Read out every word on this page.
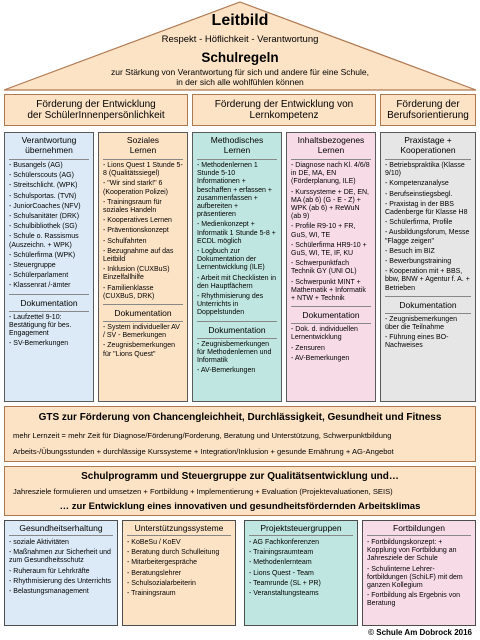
Leitbild
Respekt - Höflichkeit - Verantwortung
Schulregeln
zur Stärkung von Verantwortung für sich und andere für eine Schule,
in der sich alle wohlfühlen können
Förderung der Entwicklung
der SchülerInnenpersönlichkeit
Förderung der Entwicklung von
Lernkompetenz
Förderung der
Berufsorientierung
Verantwortung
übernehmen
- Busangels (AG)
- Schülerscouts (AG)
- Streitschlicht. (WPK)
- Schulsportas. (TVN)
- JuniorCoaches (NFV)
- Schulsanitäter (DRK)
- Schulbibliothek (SG)
- Schule o. Rassismus (Auszeichn. + WPK)
- Schülerfirma (WPK)
- Steuergruppe
- Schülerparlament
- Klassenrat /-ämter
Dokumentation
- Laufzettel 9-10: Bestätigung für bes. Engagement
- SV-Bemerkungen
Soziales
Lernen
- Lions Quest 1 Stunde 5-8 (Qualitätssiegel)
- "Wir sind stark!" 6 (Kooperation Polizei)
- Trainingsraum für soziales Handeln
- Kooperatives Lernen
- Präventionskonzept
- Schulfahrten
- Bezugnahme auf das Leitbild
- Inklusion (CUXBuS) Einzelfallhilfe
- Familienklasse (CUXBuS, DRK)
Dokumentation
- System individueller AV / SV - Bemerkungen
- Zeugnisbemerkungen für "Lions Quest"
Methodisches
Lernen
- Methodenlernen 1 Stunde 5-10 Informationen + beschaffen + erfassen + zusammenfassen + aufbereiten + präsentieren
- Medienkonzept + Informatik 1 Stunde 5-8 + ECDL möglich
- Logbuch zur Dokumentation der Lernentwicklung (ILE)
- Arbeit mit Checklisten in den Hauptfächern
- Rhythmisierung des Unterrichts in Doppelstunden
Dokumentation
- Zeugnisbemerkungen für Methodenlernen und Informatik
- AV-Bemerkungen
Inhaltsbezogenes
Lernen
- Diagnose nach Kl. 4/6/8 in DE, MA, EN (Förderplanung, ILE)
- Kurssysteme + DE, EN, MA (ab 6) (G - E - Z) + WPK (ab 6) + ReWuN (ab 9)
- Profile R9-10 + FR, GuS, WI, TE
- Schülerfirma HR9-10 + GuS, WI, TE, IF, KU
- Schwerpunktfach Technik GY (UNI OL)
- Schwerpunkt MINT + Mathematik + Informatik + NTW + Technik
Dokumentation
- Dok. d. individuellen Lernentwicklung
- Zensuren
- AV-Bemerkungen
Praxistage +
Kooperationen
- Betriebspraktika (Klasse 9/10)
- Kompetenzanalyse
- Berufseinstiegsbegl.
- Praxistag in der BBS Cadenberge für Klasse H8
- Schülerfirma, Profile
- Ausbildungsforum, Messe "Flagge zeigen"
- Besuch im BIZ
- Bewerbungstraining
- Kooperation mit + BBS, bbw, BNW + Agentur f. A. + Betrieben
Dokumentation
- Zeugnisbemerkungen über die Teilnahme
- Führung eines BO-Nachweises
GTS zur Förderung von Chancengleichheit, Durchlässigkeit, Gesundheit und Fitness
mehr Lernzeit = mehr Zeit für Diagnose/Förderung/Forderung, Beratung und Unterstützung, Schwerpunktbildung
Arbeits-/Übungsstunden + durchlässige Kurssysteme + Integration/Inklusion + gesunde Ernährung + AG-Angebot
Schulprogramm und Steuergruppe zur Qualitätsentwicklung und…
Jahresziele formulieren und umsetzen + Fortbildung + Implementierung + Evaluation (Projektevaluationen, SEIS)
… zur Entwicklung eines innovativen und gesundheitsfördernden Arbeitsklimas
Gesundheitserhaltung
- soziale Aktivitäten
- Maßnahmen zur Sicherheit und zum Gesundheitsschutz
- Ruheraum für Lehrkräfte
- Rhythmisierung des Unterrichts
- Belastungsmanagement
Unterstützungssysteme
- KoBeSu / KoEV
- Beratung durch Schulleitung
- Mitarbeitergespräche
- Beratungslehrer
- Schulsozialarbeiterin
- Trainingsraum
Projektsteuergruppen
- AG Fachkonferenzen
- Trainingsraumteam
- Methodenlernteam
- Lions Quest - Team
- Teamrunde (SL + PR)
- Veranstaltungsteams
Fortbildungen
- Fortbildungskonzept: + Kopplung von Fortbildung an Jahresziele der Schule
- Schulinterne Lehrer- fortbildungen (SchiLF) mit dem ganzen Kollegium
- Fortbildung als Ergebnis von Beratung
© Schule Am Dobrock 2016
